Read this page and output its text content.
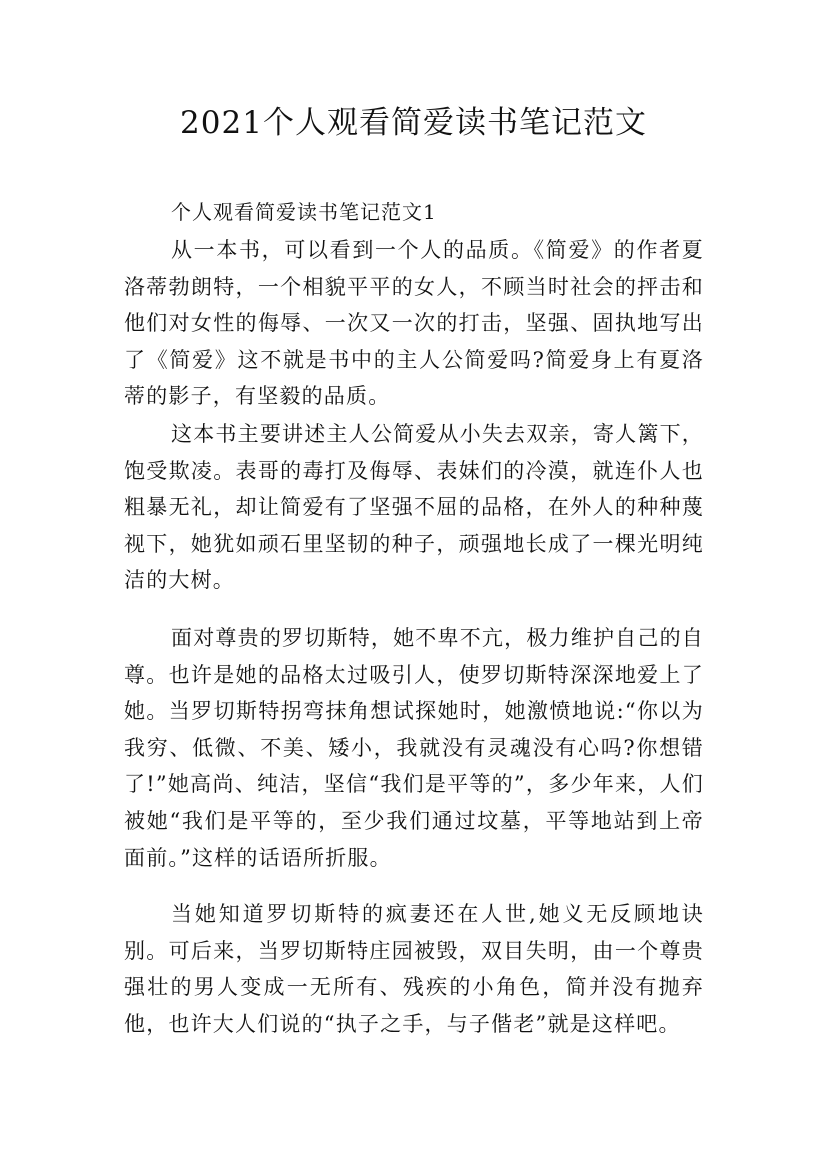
2021个人观看简爱读书笔记范文
个人观看简爱读书笔记范文1

从一本书，可以看到一个人的品质。《简爱》的作者夏洛蒂勃朗特，一个相貌平平的女人，不顾当时社会的抨击和他们对女性的侮辱、一次又一次的打击，坚强、固执地写出了《简爱》这不就是书中的主人公简爱吗?简爱身上有夏洛蒂的影子，有坚毅的品质。

这本书主要讲述主人公简爱从小失去双亲，寄人篱下，饱受欺凌。表哥的毒打及侮辱、表妹们的冷漠，就连仆人也粗暴无礼，却让简爱有了坚强不屈的品格，在外人的种种蔑视下，她犹如顽石里坚韧的种子，顽强地长成了一棵光明纯洁的大树。

面对尊贵的罗切斯特，她不卑不亢，极力维护自己的自尊。也许是她的品格太过吸引人，使罗切斯特深深地爱上了她。当罗切斯特拐弯抹角想试探她时，她激愤地说:“你以为我穷、低微、不美、矮小，我就没有灵魂没有心吗?你想错了!”她高尚、纯洁，坚信“我们是平等的”，多少年来，人们被她“我们是平等的，至少我们通过坟墓，平等地站到上帝面前。”这样的话语所折服。

当她知道罗切斯特的疯妻还在人世,她义无反顾地诀别。可后来，当罗切斯特庄园被毁，双目失明，由一个尊贵强壮的男人变成一无所有、残疾的小角色，简并没有抛弃他，也许大人们说的“执子之手，与子偕老”就是这样吧。
